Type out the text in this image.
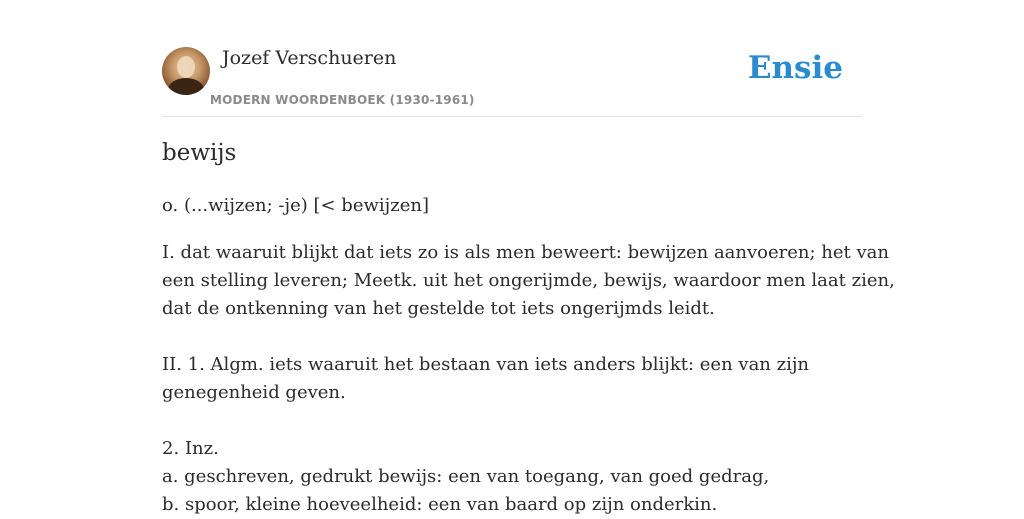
Jozef Verschueren
MODERN WOORDENBOEK (1930-1961)
Ensie
bewijs
o. (...wijzen; -je) [< bewijzen]
I. dat waaruit blijkt dat iets zo is als men beweert: bewijzen aanvoeren; het van
een stelling leveren; Meetk. uit het ongerijmde, bewijs, waardoor men laat zien,
dat de ontkenning van het gestelde tot iets ongerijmds leidt.
II. 1. Algm. iets waaruit het bestaan van iets anders blijkt: een van zijn
genegenheid geven.
2. Inz.
a. geschreven, gedrukt bewijs: een van toegang, van goed gedrag,
b. spoor, kleine hoeveelheid: een van baard op zijn onderkin.
